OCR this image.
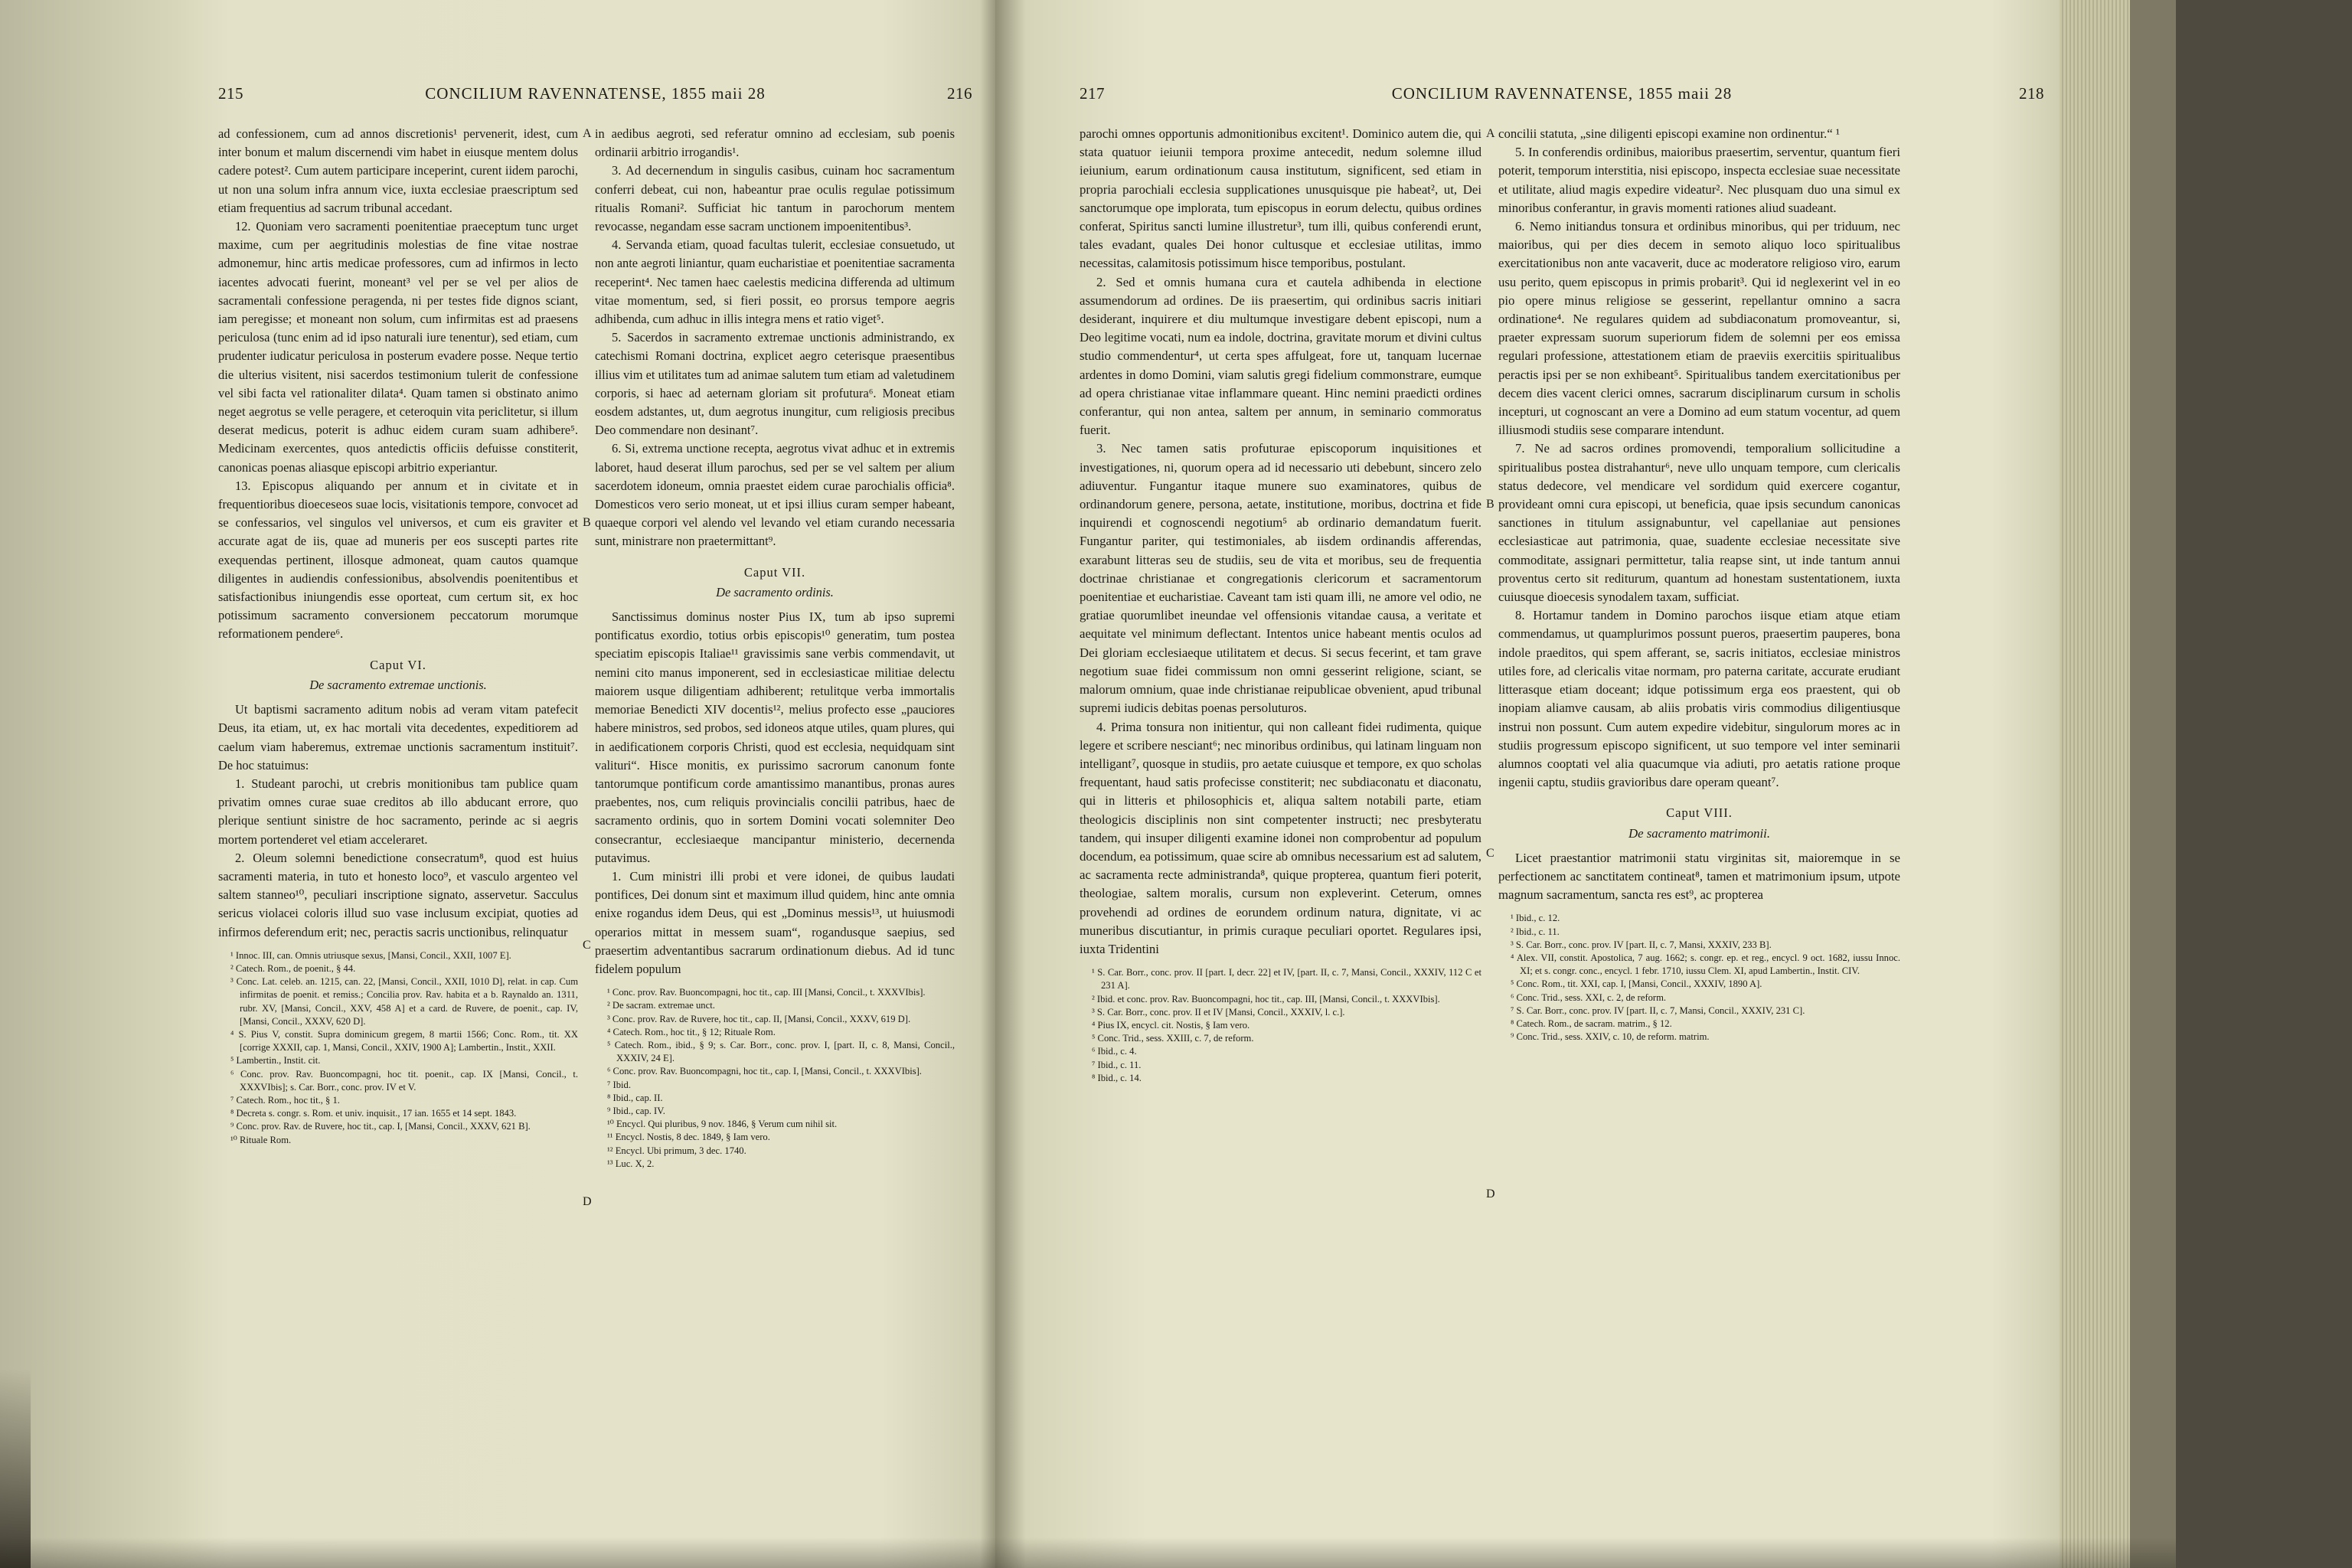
215	CONCILIUM RAVENNATENSE, 1855 maii 28	216

ad confessionem, cum ad annos discretionis¹ pervenerit, idest, cum inter bonum et malum discernendi vim habet in eiusque mentem dolus cadere potest². Cum autem participare inceperint, curent iidem parochi, ut non una solum infra annum vice, iuxta ecclesiae praescriptum sed etiam frequentius ad sacrum tribunal accedant.

12. Quoniam vero sacramenti poenitentiae praeceptum tunc urget maxime, cum per aegritudinis molestias de fine vitae nostrae admonemur, hinc artis medicae professores, cum ad infirmos in lecto iacentes advocati fuerint, moneant³ vel per se vel per alios de sacramentali confessione peragenda, ni per testes fide dignos sciant, iam peregisse; et moneant non solum, cum infirmitas est ad praesens periculosa (tunc enim ad id ipso naturali iure tenentur), sed etiam, cum prudenter iudicatur periculosa in posterum evadere posse. Neque tertio die ulterius visitent, nisi sacerdos testimonium tulerit de confessione vel sibi facta vel rationaliter dilata⁴. Quam tamen si obstinato animo neget aegrotus se velle peragere, et ceteroquin vita periclitetur, si illum deserat medicus, poterit is adhuc eidem curam suam adhibere⁵. Medicinam exercentes, quos antedictis officiis defuisse constiterit, canonicas poenas aliasque episcopi arbitrio experiantur.

13. Episcopus aliquando per annum et in civitate et in frequentioribus dioeceseos suae locis, visitationis tempore, convocet ad se confessarios, vel singulos vel universos, et cum eis graviter et accurate agat de iis, quae ad muneris per eos suscepti partes rite exequendas pertinent, illosque admoneat, quam cautos quamque diligentes in audiendis confessionibus, absolvendis poenitentibus et satisfactionibus iniungendis esse oporteat, cum certum sit, ex hoc potissimum sacramento conversionem peccatorum morumque reformationem pendere⁶.

Caput VI.
De sacramento extremae unctionis.

Ut baptismi sacramento aditum nobis ad veram vitam patefecit Deus, ita etiam, ut, ex hac mortali vita decedentes, expeditiorem ad caelum viam haberemus, extremae unctionis sacramentum instituit⁷. De hoc statuimus:

1. Studeant parochi, ut crebris monitionibus tam publice quam privatim omnes curae suae creditos ab illo abducant errore, quo plerique sentiunt sinistre de hoc sacramento, perinde ac si aegris mortem portenderet vel etiam acceleraret.

2. Oleum solemni benedictione consecratum⁸, quod est huius sacramenti materia, in tuto et honesto loco⁹, et vasculo argenteo vel saltem stanneo¹⁰, peculiari inscriptione signato, asservetur. Sacculus sericus violacei coloris illud suo vase inclusum excipiat, quoties ad infirmos deferendum erit; nec, peractis sacris unctionibus, relinquatur

¹ Innoc. III, can. Omnis utriusque sexus, [Mansi, Concil., XXII, 1007 E].
² Catech. Rom., de poenit., § 44.
³ Conc. Lat. celeb. an. 1215, can. 22, [Mansi, Concil., XXII, 1010 D], relat. in cap. Cum infirmitas de poenit. et remiss.; Concilia prov. Rav. habita et a b. Raynaldo an. 1311, rubr. XV, [Mansi, Concil., XXV, 458 A] et a card. de Ruvere, de poenit., cap. IV, [Mansi, Concil., XXXV, 620 D].
⁴ S. Pius V, constit. Supra dominicum gregem, 8 martii 1566; Conc. Rom., tit. XX [corrige XXXII, cap. 1, Mansi, Concil., XXIV, 1900 A]; Lambertin., Instit., XXII.
⁵ Lambertin., Instit. cit.
⁶ Conc. prov. Rav. Buoncompagni, hoc tit. poenit., cap. IX [Mansi, Concil., t. XXXVIbis]; s. Car. Borr., conc. prov. IV et V.
⁷ Catech. Rom., hoc tit., § 1.
⁸ Decreta s. congr. s. Rom. et univ. inquisit., 17 ian. 1655 et 14 sept. 1843.
⁹ Conc. prov. Rav. de Ruvere, hoc tit., cap. I, [Mansi, Concil., XXXV, 621 B].
¹⁰ Rituale Rom.
A
B
C
D

in aedibus aegroti, sed referatur omnino ad ecclesiam, sub poenis ordinarii arbitrio irrogandis¹.

3. Ad decernendum in singulis casibus, cuinam hoc sacramentum conferri debeat, cui non, habeantur prae oculis regulae potissimum ritualis Romani². Sufficiat hic tantum in parochorum mentem revocasse, negandam esse sacram unctionem impoenitentibus³.

4. Servanda etiam, quoad facultas tulerit, ecclesiae consuetudo, ut non ante aegroti liniantur, quam eucharistiae et poenitentiae sacramenta receperint⁴. Nec tamen haec caelestis medicina differenda ad ultimum vitae momentum, sed, si fieri possit, eo prorsus tempore aegris adhibenda, cum adhuc in illis integra mens et ratio viget⁵.

5. Sacerdos in sacramento extremae unctionis administrando, ex catechismi Romani doctrina, explicet aegro ceterisque praesentibus illius vim et utilitates tum ad animae salutem tum etiam ad valetudinem corporis, si haec ad aeternam gloriam sit profutura⁶. Moneat etiam eosdem adstantes, ut, dum aegrotus inungitur, cum religiosis precibus Deo commendare non desinant⁷.

6. Si, extrema unctione recepta, aegrotus vivat adhuc et in extremis laboret, haud deserat illum parochus, sed per se vel saltem per alium sacerdotem idoneum, omnia praestet eidem curae parochialis officia⁸. Domesticos vero serio moneat, ut et ipsi illius curam semper habeant, quaeque corpori vel alendo vel levando vel etiam curando necessaria sunt, ministrare non praetermittant⁹.

Caput VII.
De sacramento ordinis.

Sanctissimus dominus noster Pius IX, tum ab ipso supremi pontificatus exordio, totius orbis episcopis¹⁰ generatim, tum postea speciatim episcopis Italiae¹¹ gravissimis sane verbis commendavit, ut nemini cito manus imponerent, sed in ecclesiasticae militiae delectu maiorem usque diligentiam adhiberent; retulitque verba immortalis memoriae Benedicti XIV docentis¹², melius profecto esse „pauciores habere ministros, sed probos, sed idoneos atque utiles, quam plures, qui in aedificationem corporis Christi, quod est ecclesia, nequidquam sint valituri“. Hisce monitis, ex purissimo sacrorum canonum fonte tantorumque pontificum corde amantissimo manantibus, pronas aures praebentes, nos, cum reliquis provincialis concilii patribus, haec de sacramento ordinis, quo in sortem Domini vocati solemniter Deo consecrantur, ecclesiaeque mancipantur ministerio, decernenda putavimus.

1. Cum ministri illi probi et vere idonei, de quibus laudati pontifices, Dei donum sint et maximum illud quidem, hinc ante omnia enixe rogandus idem Deus, qui est „Dominus messis¹³, ut huiusmodi operarios mittat in messem suam“, rogandusque saepius, sed praesertim adventantibus sacrarum ordinationum diebus. Ad id tunc fidelem populum

¹ Conc. prov. Rav. Buoncompagni, hoc tit., cap. III [Mansi, Concil., t. XXXVIbis].
² De sacram. extremae unct.
³ Conc. prov. Rav. de Ruvere, hoc tit., cap. II, [Mansi, Concil., XXXV, 619 D].
⁴ Catech. Rom., hoc tit., § 12; Rituale Rom.
⁵ Catech. Rom., ibid., § 9; s. Car. Borr., conc. prov. I, [part. II, c. 8, Mansi, Concil., XXXIV, 24 E].
⁶ Conc. prov. Rav. Buoncompagni, hoc tit., cap. I, [Mansi, Concil., t. XXXVIbis].
⁷ Ibid.
⁸ Ibid., cap. II.
⁹ Ibid., cap. IV.
¹⁰ Encycl. Qui pluribus, 9 nov. 1846, § Verum cum nihil sit.
¹¹ Encycl. Nostis, 8 dec. 1849, § Iam vero.
¹² Encycl. Ubi primum, 3 dec. 1740.
¹³ Luc. X, 2.
217	CONCILIUM RAVENNATENSE, 1855 maii 28	218

parochi omnes opportunis admonitionibus excitent¹. Dominico autem die, qui stata quatuor ieiunii temporа proxime antecedit, nedum solemne illud ieiunium, earum ordinationum causa institutum, significent, sed etiam in propria parochiali ecclesia supplicationes unusquisque pie habeat², ut, Dei sanctorumque ope implorata, tum episcopus in eorum delectu, quibus ordines conferat, Spiritus sancti lumine illustretur³, tum illi, quibus conferendi erunt, tales evadant, quales Dei honor cultusque et ecclesiae utilitas, immo necessitas, calamitosis potissimum hisce temporibus, postulant.

2. Sed et omnis humana cura et cautela adhibenda in electione assumendorum ad ordines. De iis praesertim, qui ordinibus sacris initiari desiderant, inquirere et diu multumque investigare debent episcopi, num a Deo legitime vocati, num ea indole, doctrina, gravitate morum et divini cultus studio commendentur⁴, ut certa spes affulgeat, fore ut, tanquam lucernae ardentes in domo Domini, viam salutis gregi fidelium commonstrare, eumque ad opera christianae vitae inflammare queant. Hinc nemini praedicti ordines conferantur, qui non antea, saltem per annum, in seminario commoratus fuerit.

3. Nec tamen satis profuturae episcoporum inquisitiones et investigationes, ni, quorum opera ad id necessario uti debebunt, sincero zelo adiuventur. Fungantur itaque munere suo examinatores, quibus de ordinandorum genere, persona, aetate, institutione, moribus, doctrina et fide inquirendi et cognoscendi negotium⁵ ab ordinario demandatum fuerit. Fungantur pariter, qui testimoniales, ab iisdem ordinandis afferendas, exarabunt litteras seu de studiis, seu de vita et moribus, seu de frequentia doctrinae christianae et congregationis clericorum et sacramentorum poenitentiae et eucharistiae. Caveant tam isti quam illi, ne amore vel odio, ne gratiae quorumlibet ineundae vel offensionis vitandae causa, a veritate et aequitate vel minimum deflectant. Intentos unice habeant mentis oculos ad Dei gloriam ecclesiaeque utilitatem et decus. Si secus fecerint, et tam grave negotium suae fidei commissum non omni gesserint religione, sciant, se malorum omnium, quae inde christianae reipublicae obvenient, apud tribunal supremi iudicis debitas poenas persoluturos.

4. Prima tonsura non initientur, qui non calleant fidei rudimenta, quique legere et scribere nesciant⁶; nec minoribus ordinibus, qui latinam linguam non intelligant⁷, quosque in studiis, pro aetate cuiusque et tempore, ex quo scholas frequentant, haud satis profecisse constiterit; nec subdiaconatu et diaconatu, qui in litteris et philosophicis et, aliqua saltem notabili parte, etiam theologicis disciplinis non sint competenter instructi; nec presbyteratu tandem, qui insuper diligenti examine idonei non comprobentur ad populum docendum, ea potissimum, quae scire ab omnibus necessarium est ad salutem, ac sacramenta recte administranda⁸, quique propterea, quantum fieri poterit, theologiae, saltem moralis, cursum non expleverint. Ceterum, omnes provehendi ad ordines de eorundem ordinum natura, dignitate, vi ac muneribus discutiantur, in primis curaque peculiari oportet. Regulares ipsi, iuxta Tridentini

¹ S. Car. Borr., conc. prov. II [part. I, decr. 22] et IV, [part. II, c. 7, Mansi, Concil., XXXIV, 112 C et 231 A].
² Ibid. et conc. prov. Rav. Buoncompagni, hoc tit., cap. III, [Mansi, Concil., t. XXXVIbis].
³ S. Car. Borr., conc. prov. II et IV [Mansi, Concil., XXXIV, l. c.].
⁴ Pius IX, encycl. cit. Nostis, § Iam vero.
⁵ Conc. Trid., sess. XXIII, c. 7, de reform.
⁶ Ibid., c. 4.
⁷ Ibid., c. 11.
⁸ Ibid., c. 14.
A
B
C
D

concilii statuta, „sine diligenti episcopi examine non ordinentur.“ ¹

5. In conferendis ordinibus, maioribus praesertim, serventur, quantum fieri poterit, temporum interstitia, nisi episcopo, inspecta ecclesiae suae necessitate et utilitate, aliud magis expedire videatur². Nec plusquam duo una simul ex minoribus conferantur, in gravis momenti rationes aliud suadeant.

6. Nemo initiandus tonsura et ordinibus minoribus, qui per triduum, nec maioribus, qui per dies decem in semoto aliquo loco spiritualibus exercitationibus non ante vacaverit, duce ac moderatore religioso viro, earum usu perito, quem episcopus in primis probarit³. Qui id neglexerint vel in eo pio opere minus religiose se gesserint, repellantur omnino a sacra ordinatione⁴. Ne regulares quidem ad subdiaconatum promoveantur, si, praeter expressam suorum superiorum fidem de solemni per eos emissa regulari professione, attestationem etiam de praeviis exercitiis spiritualibus peractis ipsi per se non exhibeant⁵. Spiritualibus tandem exercitationibus per decem dies vacent clerici omnes, sacrarum disciplinarum cursum in scholis incepturi, ut cognoscant an vere a Domino ad eum statum vocentur, ad quem illiusmodi studiis sese comparare intendunt.

7. Ne ad sacros ordines promovendi, temporalium sollicitudine a spiritualibus postea distrahantur⁶, neve ullo unquam tempore, cum clericalis status dedecore, vel mendicare vel sordidum quid exercere cogantur, provideant omni cura episcopi, ut beneficia, quae ipsis secundum canonicas sanctiones in titulum assignabuntur, vel capellaniae aut pensiones ecclesiasticae aut patrimonia, quae, suadente ecclesiae necessitate sive commoditate, assignari permittetur, talia reapse sint, ut inde tantum annui proventus certo sit rediturum, quantum ad honestam sustentationem, iuxta cuiusque dioecesis synodalem taxam, sufficiat.

8. Hortamur tandem in Domino parochos iisque etiam atque etiam commendamus, ut quamplurimos possunt pueros, praesertim pauperes, bona indole praeditos, qui spem afferant, se, sacris initiatos, ecclesiae ministros utiles fore, ad clericalis vitae normam, pro paterna caritate, accurate erudiant litterasque etiam doceant; idque potissimum erga eos praestent, qui ob inopiam aliamve causam, ab aliis probatis viris commodius diligentiusque instrui non possunt. Cum autem expedire videbitur, singulorum mores ac in studiis progressum episcopo significent, ut suo tempore vel inter seminarii alumnos cooptati vel alia quacumque via adiuti, pro aetatis ratione proque ingenii captu, studiis gravioribus dare operam queant⁷.

Caput VIII.
De sacramento matrimonii.

Licet praestantior matrimonii statu virginitas sit, maioremque in se perfectionem ac sanctitatem contineat⁸, tamen et matrimonium ipsum, utpote magnum sacramentum, sancta res est⁹, ac propterea

¹ Ibid., c. 12.
² Ibid., c. 11.
³ S. Car. Borr., conc. prov. IV [part. II, c. 7, Mansi, XXXIV, 233 B].
⁴ Alex. VII, constit. Apostolica, 7 aug. 1662; s. congr. ep. et reg., encycl. 9 oct. 1682, iussu Innoc. XI; et s. congr. conc., encycl. 1 febr. 1710, iussu Clem. XI, apud Lambertin., Instit. CIV.
⁵ Conc. Rom., tit. XXI, cap. I, [Mansi, Concil., XXXIV, 1890 A].
⁶ Conc. Trid., sess. XXI, c. 2, de reform.
⁷ S. Car. Borr., conc. prov. IV [part. II, c. 7, Mansi, Concil., XXXIV, 231 C].
⁸ Catech. Rom., de sacram. matrim., § 12.
⁹ Conc. Trid., sess. XXIV, c. 10, de reform. matrim.
